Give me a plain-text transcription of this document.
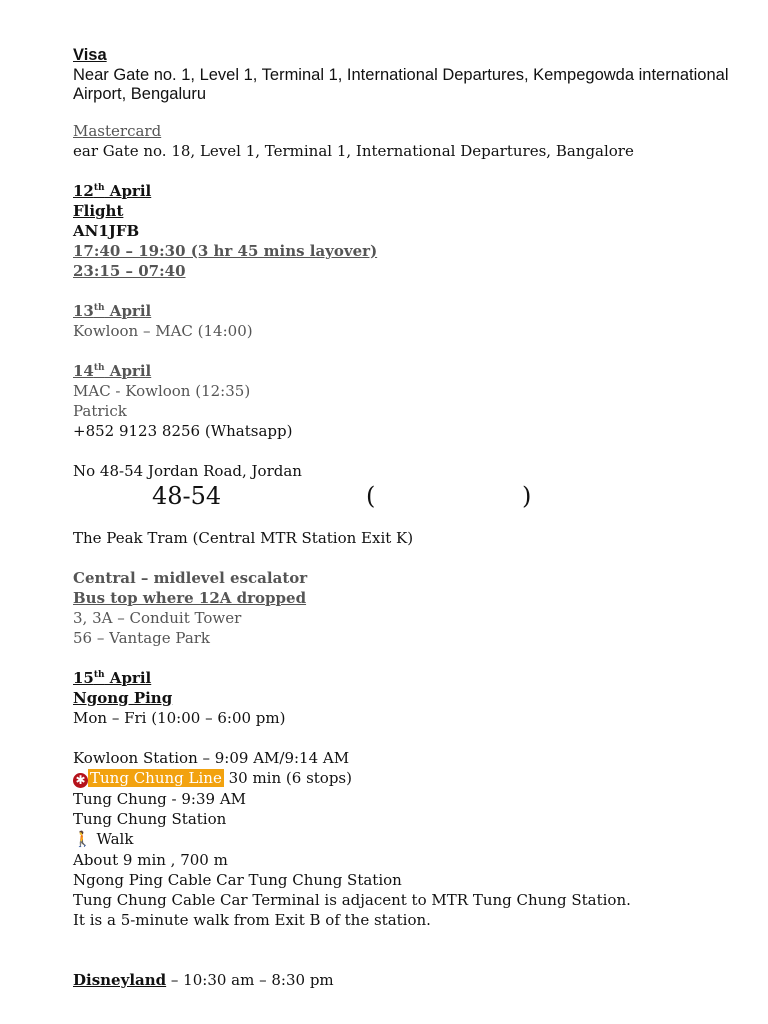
Visa
Near Gate no. 1, Level 1, Terminal 1, International Departures, Kempegowda international Airport, Bengaluru
Mastercard
ear Gate no. 18, Level 1, Terminal 1, International Departures, Bangalore
12th April
Flight
AN1JFB
17:40 – 19:30 (3 hr 45 mins layover)
23:15 – 07:40
13th April
Kowloon – MAC (14:00)
14th April
MAC - Kowloon (12:35)
Patrick
+852 9123 8256 (Whatsapp)
No 48-54 Jordan Road, Jordan
48-54	(	)
The Peak Tram (Central MTR Station Exit K)
Central – midlevel escalator
Bus top where 12A dropped
3, 3A – Conduit Tower
56 – Vantage Park
15th April
Ngong Ping
Mon – Fri (10:00 – 6:00 pm)
Kowloon Station – 9:09 AM/9:14 AM
✱ Tung Chung Line 30 min (6 stops)
Tung Chung - 9:39 AM
Tung Chung Station
🚶 Walk
About 9 min , 700 m
Ngong Ping Cable Car Tung Chung Station
Tung Chung Cable Car Terminal is adjacent to MTR Tung Chung Station.
It is a 5-minute walk from Exit B of the station.
Disneyland – 10:30 am – 8:30 pm
